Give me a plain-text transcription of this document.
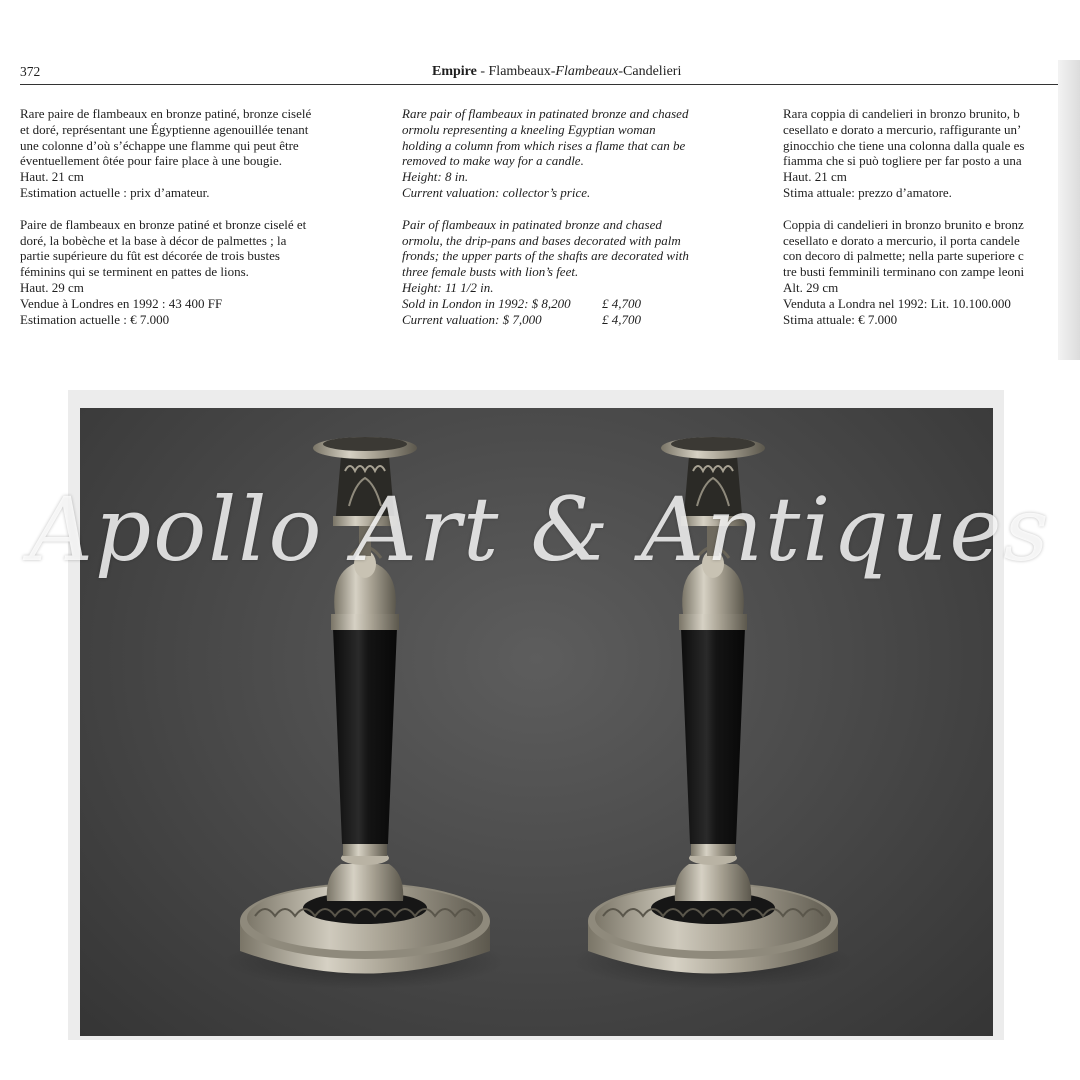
372	Empire - Flambeaux-Flambeaux-Candelieri

Rare paire de flambeaux en bronze patiné, bronze ciselé

et doré, représentant une Égyptienne agenouillée tenant

une colonne d’où s’échappe une flamme qui peut être

éventuellement ôtée pour faire place à une bougie.

Haut. 21 cm

Estimation actuelle : prix d’amateur.

Paire de flambeaux en bronze patiné et bronze ciselé et

doré, la bobèche et la base à décor de palmettes ; la

partie supérieure du fût est décorée de trois bustes

féminins qui se terminent en pattes de lions.

Haut. 29 cm

Vendue à Londres en 1992 : 43 400 FF

Estimation actuelle : € 7.000

Rare pair of flambeaux in patinated bronze and chased

ormolu representing a kneeling Egyptian woman

holding a column from which rises a flame that can be

removed to make way for a candle.

Height: 8 in.

Current valuation: collector’s price.

Pair of flambeaux in patinated bronze and chased

ormolu, the drip-pans and bases decorated with palm

fronds; the upper parts of the shafts are decorated with

three female busts with lion’s feet.

Height: 11 1/2 in.

Sold in London in 1992: $ 8,200	£ 4,700
Current valuation: $ 7,000	£ 4,700

Rara coppia di candelieri in bronzo brunito, b

cesellato e dorato a mercurio, raffigurante un’

ginocchio che tiene una colonna dalla quale es

fiamma che si può togliere per far posto a una

Haut. 21 cm

Stima attuale: prezzo d’amatore.

Coppia di candelieri in bronzo brunito e bronz

cesellato e dorato a mercurio, il porta candele

con decoro di palmette; nella parte superiore c

tre busti femminili terminano con zampe leoni

Alt. 29 cm

Venduta a Londra nel 1992: Lit. 10.100.000

Stima attuale: € 7.000

Apollo Art & Antiques
